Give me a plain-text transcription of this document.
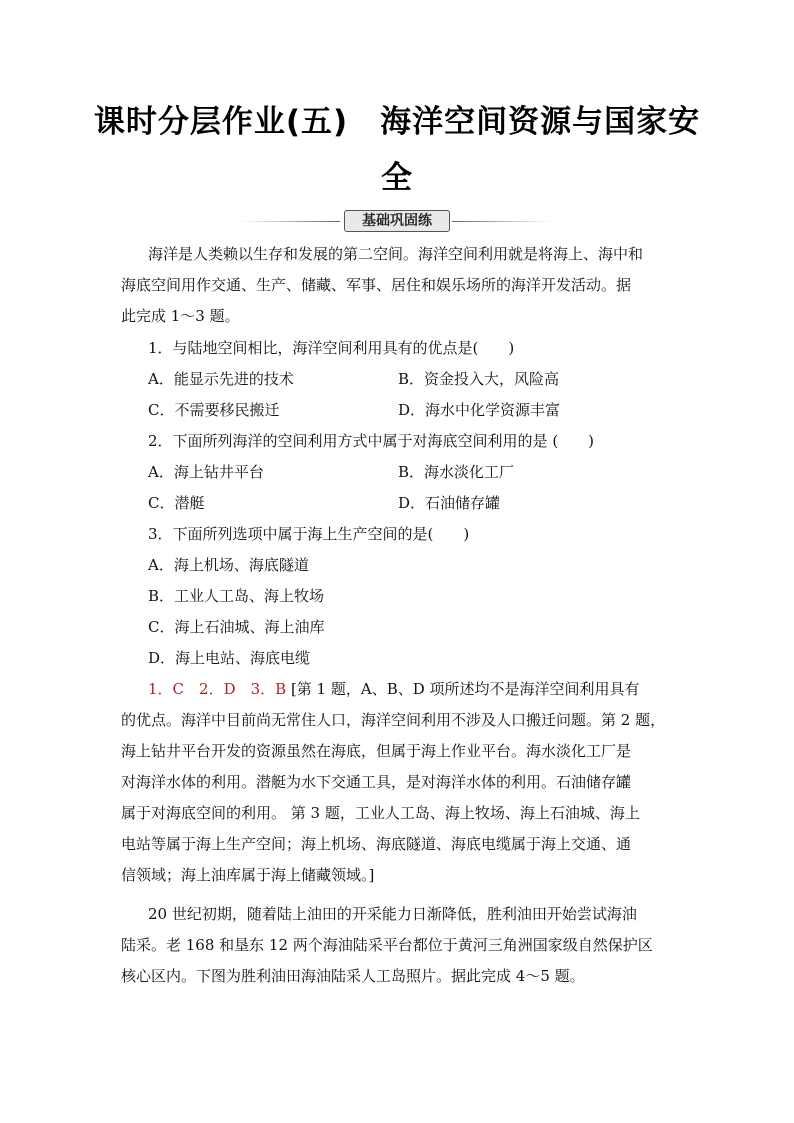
课时分层作业(五)　海洋空间资源与国家安
全
基础巩固练
海洋是人类赖以生存和发展的第二空间。海洋空间利用就是将海上、海中和
海底空间用作交通、生产、储藏、军事、居住和娱乐场所的海洋开发活动。据
此完成 1～3 题。
1．与陆地空间相比，海洋空间利用具有的优点是(　　)
A．能显示先进的技术	B．资金投入大，风险高
C．不需要移民搬迁	D．海水中化学资源丰富
2．下面所列海洋的空间利用方式中属于对海底空间利用的是 (　　)
A．海上钻井平台	B．海水淡化工厂
C．潜艇	D．石油储存罐
3．下面所列选项中属于海上生产空间的是(　　)
A．海上机场、海底隧道
B．工业人工岛、海上牧场
C．海上石油城、海上油库
D．海上电站、海底电缆
1．C　2．D　3．B [第 1 题，A、B、D 项所述均不是海洋空间利用具有
的优点。海洋中目前尚无常住人口，海洋空间利用不涉及人口搬迁问题。第 2 题，
海上钻井平台开发的资源虽然在海底，但属于海上作业平台。海水淡化工厂是
对海洋水体的利用。潜艇为水下交通工具，是对海洋水体的利用。石油储存罐
属于对海底空间的利用。 第 3 题，工业人工岛、海上牧场、海上石油城、海上
电站等属于海上生产空间；海上机场、海底隧道、海底电缆属于海上交通、通
信领域；海上油库属于海上储藏领域。]
20 世纪初期，随着陆上油田的开采能力日渐降低，胜利油田开始尝试海油
陆采。老 168 和垦东 12 两个海油陆采平台都位于黄河三角洲国家级自然保护区
核心区内。下图为胜利油田海油陆采人工岛照片。据此完成 4～5 题。
